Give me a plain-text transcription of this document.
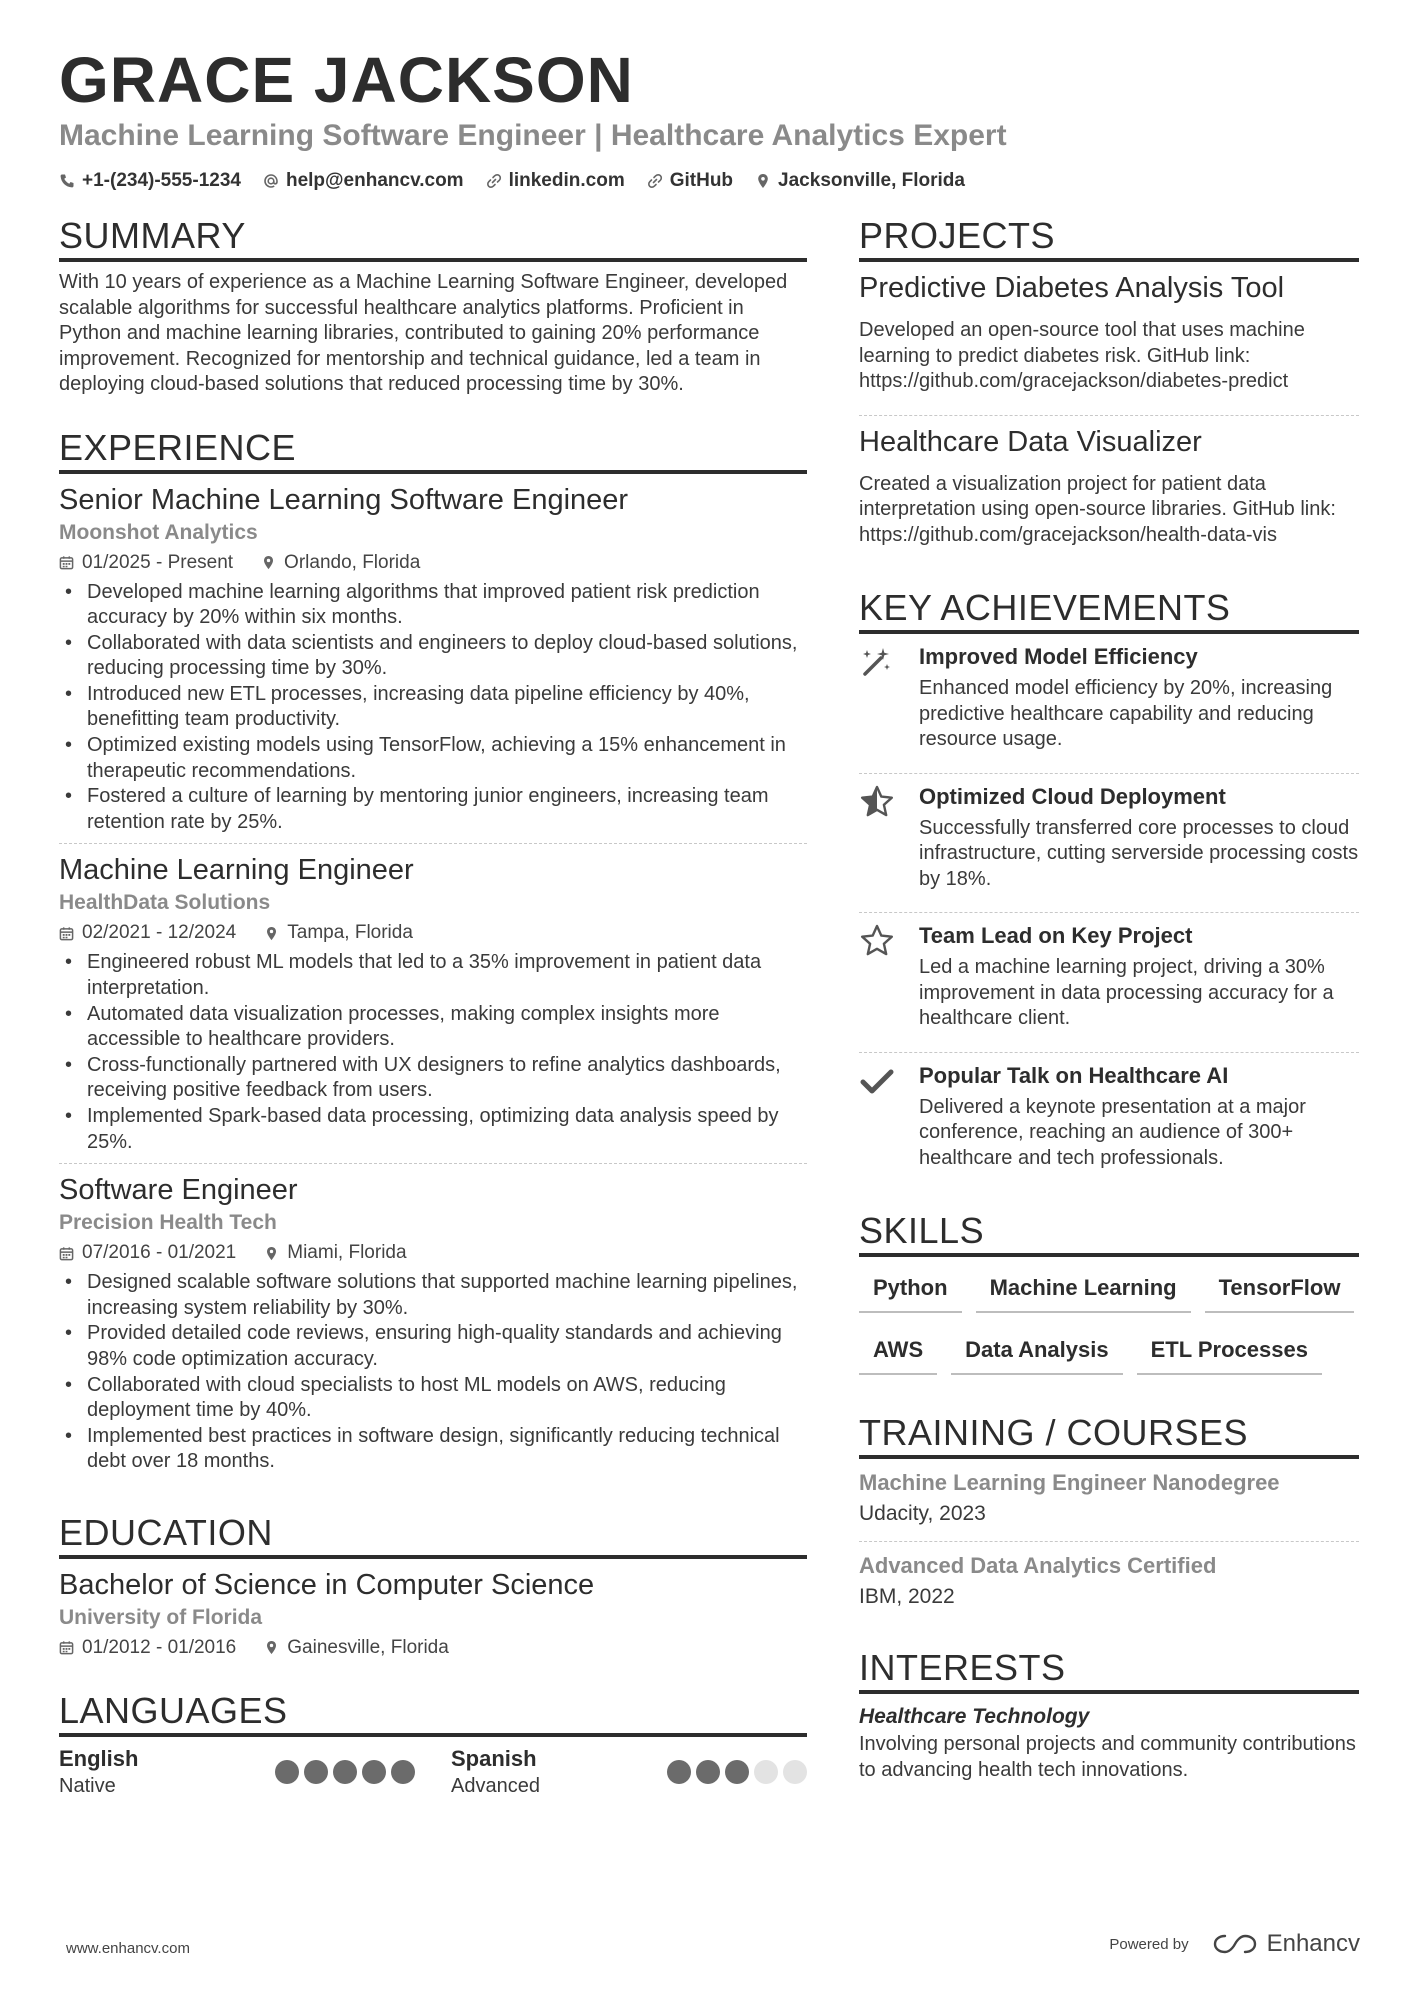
GRACE JACKSON
Machine Learning Software Engineer | Healthcare Analytics Expert
+1-(234)-555-1234 help@enhancv.com linkedin.com GitHub Jacksonville, Florida
SUMMARY
With 10 years of experience as a Machine Learning Software Engineer, developed scalable algorithms for successful healthcare analytics platforms. Proficient in Python and machine learning libraries, contributed to gaining 20% performance improvement. Recognized for mentorship and technical guidance, led a team in deploying cloud-based solutions that reduced processing time by 30%.
EXPERIENCE
Senior Machine Learning Software Engineer
Moonshot Analytics
01/2025 - Present	Orlando, Florida
• Developed machine learning algorithms that improved patient risk prediction accuracy by 20% within six months.
• Collaborated with data scientists and engineers to deploy cloud-based solutions, reducing processing time by 30%.
• Introduced new ETL processes, increasing data pipeline efficiency by 40%, benefitting team productivity.
• Optimized existing models using TensorFlow, achieving a 15% enhancement in therapeutic recommendations.
• Fostered a culture of learning by mentoring junior engineers, increasing team retention rate by 25%.
Machine Learning Engineer
HealthData Solutions
02/2021 - 12/2024	Tampa, Florida
• Engineered robust ML models that led to a 35% improvement in patient data interpretation.
• Automated data visualization processes, making complex insights more accessible to healthcare providers.
• Cross-functionally partnered with UX designers to refine analytics dashboards, receiving positive feedback from users.
• Implemented Spark-based data processing, optimizing data analysis speed by 25%.
Software Engineer
Precision Health Tech
07/2016 - 01/2021	Miami, Florida
• Designed scalable software solutions that supported machine learning pipelines, increasing system reliability by 30%.
• Provided detailed code reviews, ensuring high-quality standards and achieving 98% code optimization accuracy.
• Collaborated with cloud specialists to host ML models on AWS, reducing deployment time by 40%.
• Implemented best practices in software design, significantly reducing technical debt over 18 months.
EDUCATION
Bachelor of Science in Computer Science
University of Florida
01/2012 - 01/2016	Gainesville, Florida
LANGUAGES
English
Native
Spanish
Advanced
PROJECTS
Predictive Diabetes Analysis Tool
Developed an open-source tool that uses machine learning to predict diabetes risk. GitHub link: https://github.com/gracejackson/diabetes-predict
Healthcare Data Visualizer
Created a visualization project for patient data interpretation using open-source libraries. GitHub link: https://github.com/gracejackson/health-data-vis
KEY ACHIEVEMENTS
Improved Model Efficiency
Enhanced model efficiency by 20%, increasing predictive healthcare capability and reducing resource usage.
Optimized Cloud Deployment
Successfully transferred core processes to cloud infrastructure, cutting serverside processing costs by 18%.
Team Lead on Key Project
Led a machine learning project, driving a 30% improvement in data processing accuracy for a healthcare client.
Popular Talk on Healthcare AI
Delivered a keynote presentation at a major conference, reaching an audience of 300+ healthcare and tech professionals.
SKILLS
Python	Machine Learning	TensorFlow
AWS	Data Analysis	ETL Processes
TRAINING / COURSES
Machine Learning Engineer Nanodegree
Udacity, 2023
Advanced Data Analytics Certified
IBM, 2022
INTERESTS
Healthcare Technology
Involving personal projects and community contributions to advancing health tech innovations.
www.enhancv.com	Powered by	Enhancv
